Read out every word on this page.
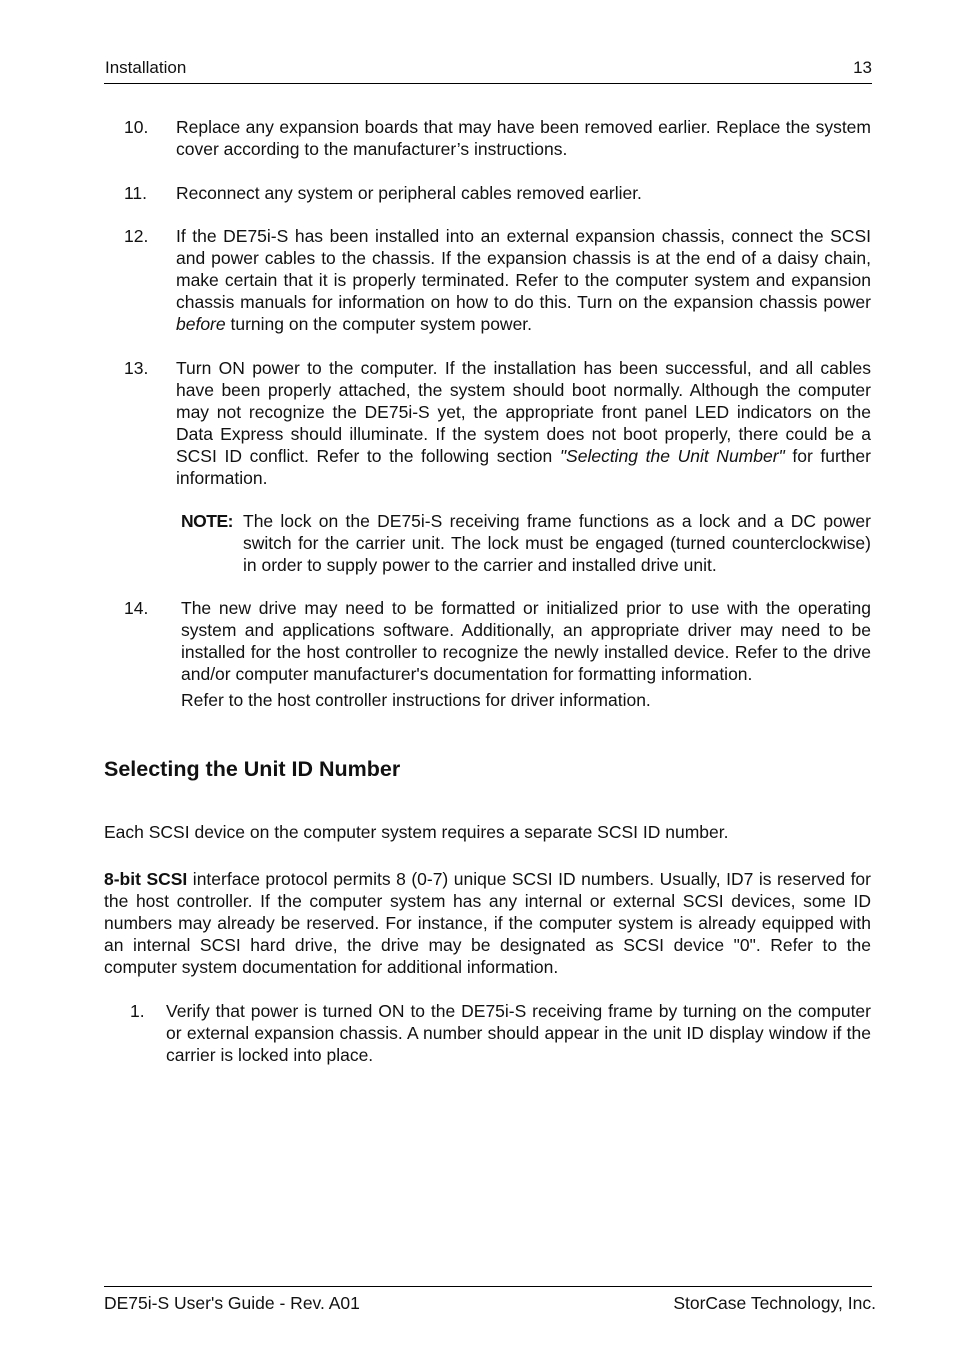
Installation	13
10. Replace any expansion boards that may have been removed earlier. Replace the system cover according to the manufacturer’s instructions.
11. Reconnect any system or peripheral cables removed earlier.
12. If the DE75i-S has been installed into an external expansion chassis, connect the SCSI and power cables to the chassis. If the expansion chassis is at the end of a daisy chain, make certain that it is properly terminated. Refer to the computer system and expansion chassis manuals for information on how to do this. Turn on the expansion chassis power before turning on the computer system power.
13. Turn ON power to the computer. If the installation has been successful, and all cables have been properly attached, the system should boot normally. Although the computer may not recognize the DE75i-S yet, the appropriate front panel LED indicators on the Data Express should illuminate. If the system does not boot properly, there could be a SCSI ID conflict. Refer to the following section "Selecting the Unit Number" for further information.
NOTE: The lock on the DE75i-S receiving frame functions as a lock and a DC power switch for the carrier unit. The lock must be engaged (turned counterclockwise) in order to supply power to the carrier and installed drive unit.
14. The new drive may need to be formatted or initialized prior to use with the operating system and applications software. Additionally, an appropriate driver may need to be installed for the host controller to recognize the newly installed device. Refer to the drive and/or computer manufacturer's documentation for formatting information.
Refer to the host controller instructions for driver information.
Selecting the Unit ID Number
Each SCSI device on the computer system requires a separate SCSI ID number.
8-bit SCSI interface protocol permits 8 (0-7) unique SCSI ID numbers. Usually, ID7 is reserved for the host controller. If the computer system has any internal or external SCSI devices, some ID numbers may already be reserved. For instance, if the computer system is already equipped with an internal SCSI hard drive, the drive may be designated as SCSI device "0". Refer to the computer system documentation for additional information.
1. Verify that power is turned ON to the DE75i-S receiving frame by turning on the computer or external expansion chassis. A number should appear in the unit ID display window if the carrier is locked into place.
DE75i-S User's Guide - Rev. A01	StorCase Technology, Inc.
